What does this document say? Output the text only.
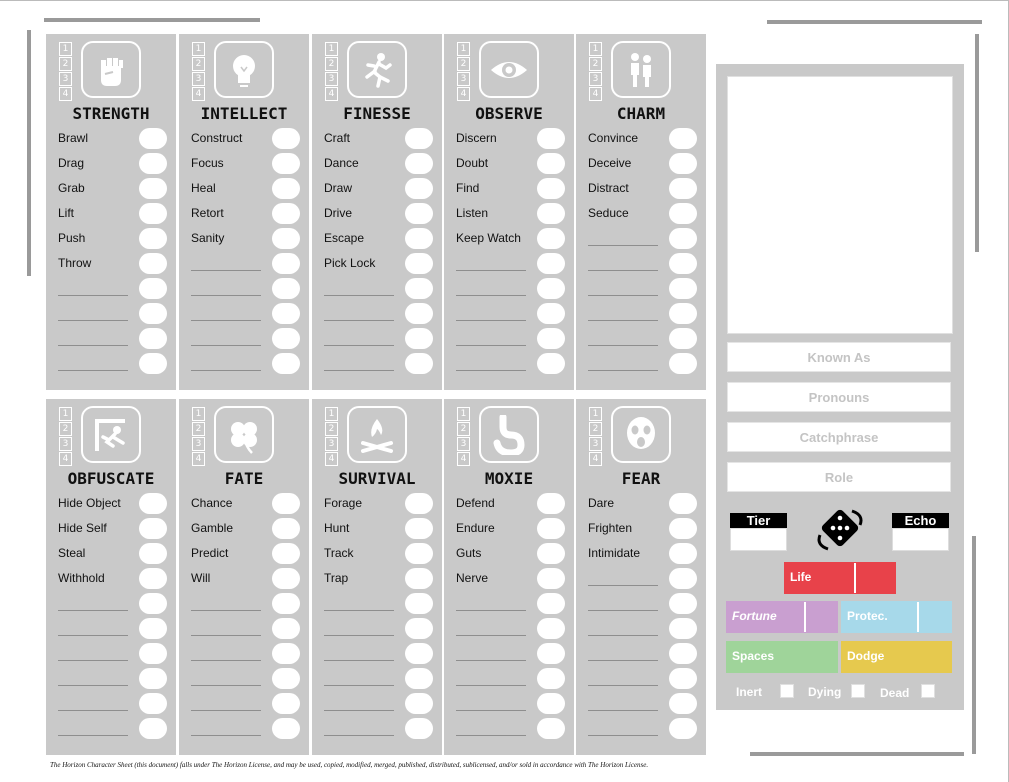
1
2
3
4
STRENGTH
Brawl
Drag
Grab
Lift
Push
Throw
1
2
3
4
INTELLECT
Construct
Focus
Heal
Retort
Sanity
1
2
3
4
FINESSE
Craft
Dance
Draw
Drive
Escape
Pick Lock
1
2
3
4
OBSERVE
Discern
Doubt
Find
Listen
Keep Watch
1
2
3
4
CHARM
Convince
Deceive
Distract
Seduce
1
2
3
4
OBFUSCATE
Hide Object
Hide Self
Steal
Withhold
1
2
3
4
FATE
Chance
Gamble
Predict
Will
1
2
3
4
SURVIVAL
Forage
Hunt
Track
Trap
1
2
3
4
MOXIE
Defend
Endure
Guts
Nerve
1
2
3
4
FEAR
Dare
Frighten
Intimidate
Known As
Pronouns
Catchphrase
Role
Tier	Echo
Life
Fortune	Protec.
Spaces	Dodge
Inert	Dying	Dead
The Horizon Character Sheet (this document) falls under The Horizon License, and may be used, copied, modified, merged, published, distributed, sublicensed, and/or sold in accordance with The Horizon License.
